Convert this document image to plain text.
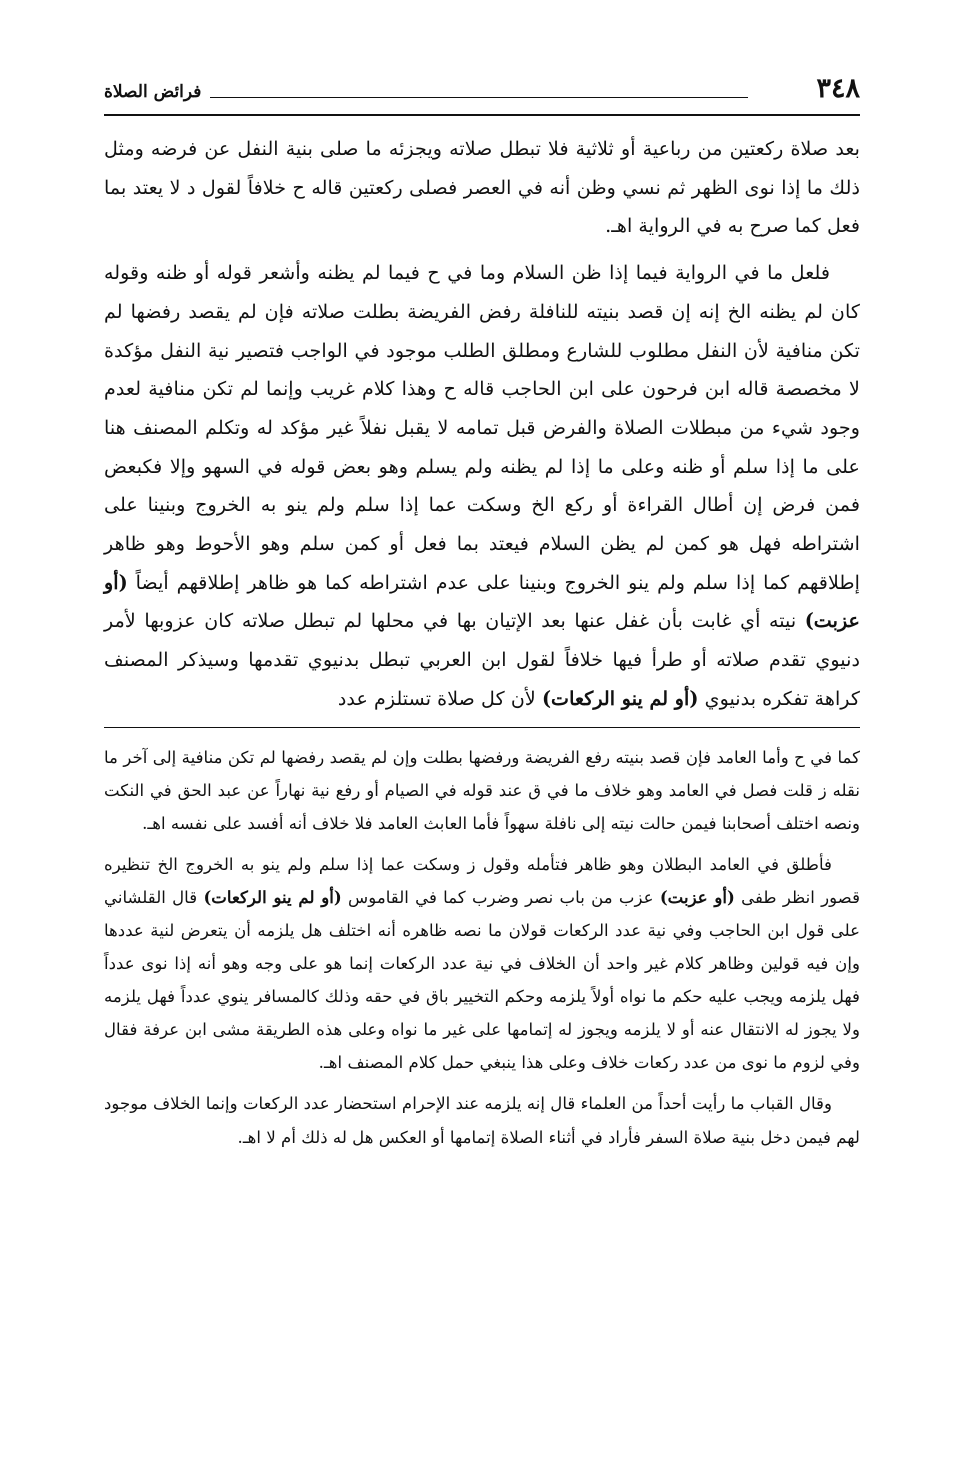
٣٤٨
فرائض الصلاة

بعد صلاة ركعتين من رباعية أو ثلاثية فلا تبطل صلاته ويجزئه ما صلى بنية النفل عن فرضه ومثل ذلك ما إذا نوى الظهر ثم نسي وظن أنه في العصر فصلى ركعتين قاله ح خلافاً لقول د لا يعتد بما فعل كما صرح به في الرواية اهـ.

فلعل ما في الرواية فيما إذا ظن السلام وما في ح فيما لم يظنه وأشعر قوله أو ظنه وقوله كان لم يظنه الخ إنه إن قصد بنيته للنافلة رفض الفريضة بطلت صلاته فإن لم يقصد رفضها لم تكن منافية لأن النفل مطلوب للشارع ومطلق الطلب موجود في الواجب فتصير نية النفل مؤكدة لا مخصصة قاله ابن فرحون على ابن الحاجب قاله ح وهذا كلام غريب وإنما لم تكن منافية لعدم وجود شيء من مبطلات الصلاة والفرض قبل تمامه لا يقبل نفلاً غير مؤكد له وتكلم المصنف هنا على ما إذا سلم أو ظنه وعلى ما إذا لم يظنه ولم يسلم وهو بعض قوله في السهو وإلا فكبعض فمن فرض إن أطال القراءة أو ركع الخ وسكت عما إذا سلم ولم ينو به الخروج وبنينا على اشتراطه فهل هو كمن لم يظن السلام فيعتد بما فعل أو كمن سلم وهو الأحوط وهو ظاهر إطلاقهم كما إذا سلم ولم ينو الخروج وبنينا على عدم اشتراطه كما هو ظاهر إطلاقهم أيضاً (أو عزبت) نيته أي غابت بأن غفل عنها بعد الإتيان بها في محلها لم تبطل صلاته كان عزوبها لأمر دنيوي تقدم صلاته أو طرأ فيها خلافاً لقول ابن العربي تبطل بدنيوي تقدمها وسيذكر المصنف كراهة تفكره بدنيوي (أو لم ينو الركعات) لأن كل صلاة تستلزم عدد

كما في ح وأما العامد فإن قصد بنيته رفع الفريضة ورفضها بطلت وإن لم يقصد رفضها لم تكن منافية إلى آخر ما نقله ز قلت فصل في العامد وهو خلاف ما في ق عند قوله في الصيام أو رفع نية نهاراً عن عبد الحق في النكت ونصه اختلف أصحابنا فيمن حالت نيته إلى نافلة سهواً فأما العابث العامد فلا خلاف أنه أفسد على نفسه اهـ.

فأطلق في العامد البطلان وهو ظاهر فتأمله وقول ز وسكت عما إذا سلم ولم ينو به الخروج الخ تنظيره قصور انظر طفى (أو عزبت) عزب من باب نصر وضرب كما في القاموس (أو لم ينو الركعات) قال القلشاني على قول ابن الحاجب وفي نية عدد الركعات قولان ما نصه ظاهره أنه اختلف هل يلزمه أن يتعرض لنية عددها وإن فيه قولين وظاهر كلام غير واحد أن الخلاف في نية عدد الركعات إنما هو على وجه وهو أنه إذا نوى عدداً فهل يلزمه ويجب عليه حكم ما نواه أولاً يلزمه وحكم التخيير باق في حقه وذلك كالمسافر ينوي عدداً فهل يلزمه ولا يجوز له الانتقال عنه أو لا يلزمه ويجوز له إتمامها على غير ما نواه وعلى هذه الطريقة مشى ابن عرفة فقال وفي لزوم ما نوى من عدد ركعات خلاف وعلى هذا ينبغي حمل كلام المصنف اهـ.

وقال القباب ما رأيت أحداً من العلماء قال إنه يلزمه عند الإحرام استحضار عدد الركعات وإنما الخلاف موجود لهم فيمن دخل بنية صلاة السفر فأراد في أثناء الصلاة إتمامها أو العكس هل له ذلك أم لا اهـ.
